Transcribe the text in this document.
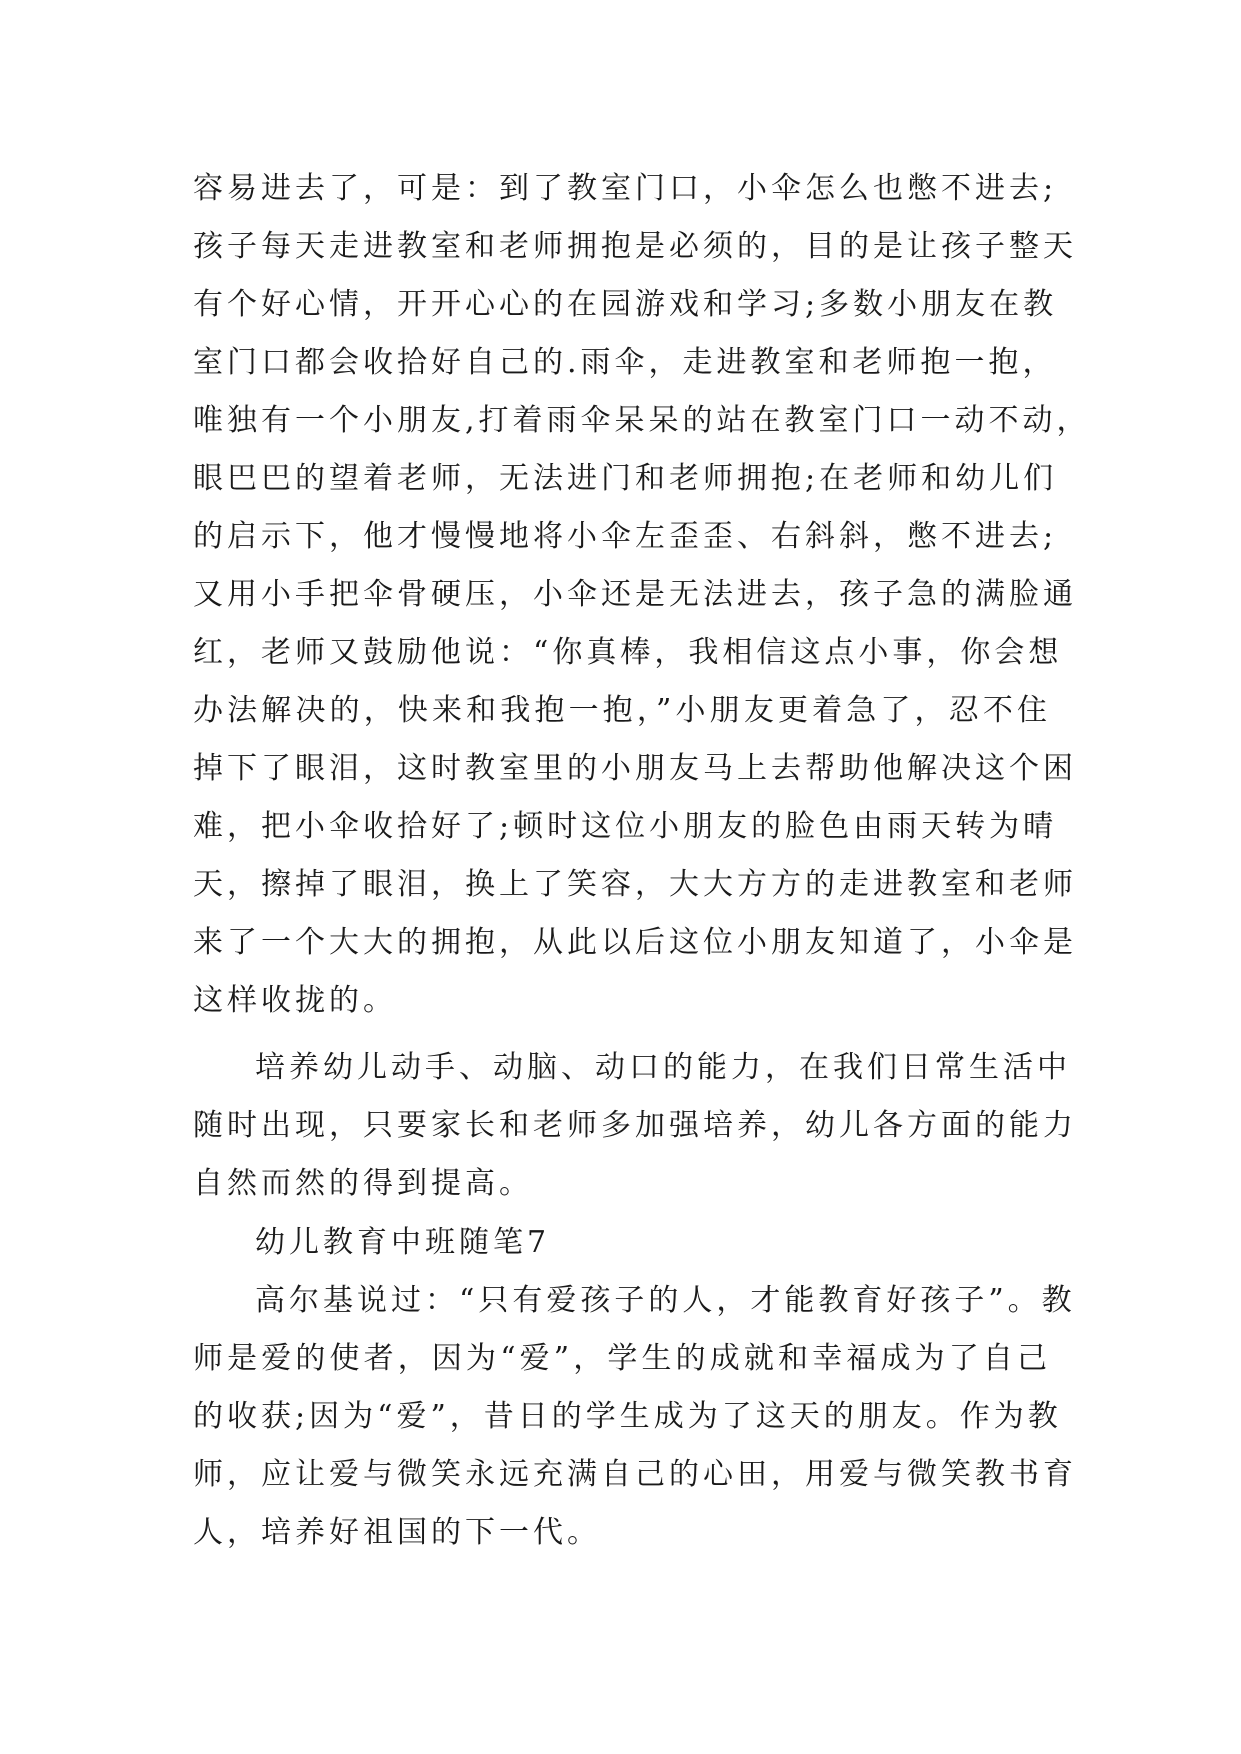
容易进去了，可是：到了教室门口，小伞怎么也憋不进去;
孩子每天走进教室和老师拥抱是必须的，目的是让孩子整天
有个好心情，开开心心的在园游戏和学习;多数小朋友在教
室门口都会收拾好自己的.雨伞，走进教室和老师抱一抱，
唯独有一个小朋友,打着雨伞呆呆的站在教室门口一动不动，
眼巴巴的望着老师，无法进门和老师拥抱;在老师和幼儿们
的启示下，他才慢慢地将小伞左歪歪、右斜斜，憋不进去;
又用小手把伞骨硬压，小伞还是无法进去，孩子急的满脸通
红，老师又鼓励他说：“你真棒，我相信这点小事，你会想
办法解决的，快来和我抱一抱，”小朋友更着急了，忍不住
掉下了眼泪，这时教室里的小朋友马上去帮助他解决这个困
难，把小伞收拾好了;顿时这位小朋友的脸色由雨天转为晴
天，擦掉了眼泪，换上了笑容，大大方方的走进教室和老师
来了一个大大的拥抱，从此以后这位小朋友知道了，小伞是
这样收拢的。
培养幼儿动手、动脑、动口的能力，在我们日常生活中
随时出现，只要家长和老师多加强培养，幼儿各方面的能力
自然而然的得到提高。
幼儿教育中班随笔7
高尔基说过：“只有爱孩子的人，才能教育好孩子”。教
师是爱的使者，因为“爱”，学生的成就和幸福成为了自己
的收获;因为“爱”，昔日的学生成为了这天的朋友。作为教
师，应让爱与微笑永远充满自己的心田，用爱与微笑教书育
人，培养好祖国的下一代。
